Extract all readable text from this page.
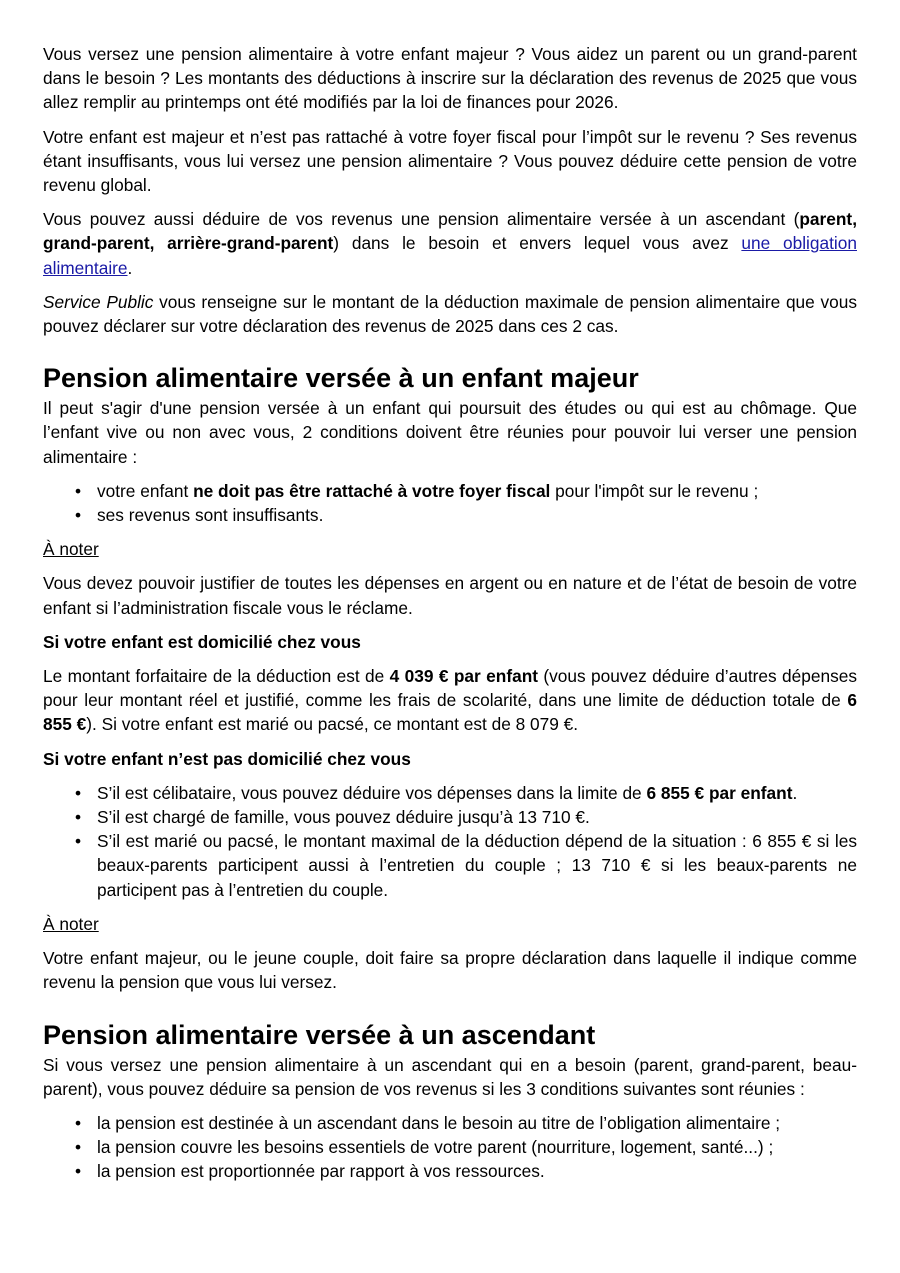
Vous versez une pension alimentaire à votre enfant majeur ? Vous aidez un parent ou un grand-parent dans le besoin ? Les montants des déductions à inscrire sur la déclaration des revenus de 2025 que vous allez remplir au printemps ont été modifiés par la loi de finances pour 2026.

Votre enfant est majeur et n’est pas rattaché à votre foyer fiscal pour l’impôt sur le revenu ? Ses revenus étant insuffisants, vous lui versez une pension alimentaire ? Vous pouvez déduire cette pension de votre revenu global.

Vous pouvez aussi déduire de vos revenus une pension alimentaire versée à un ascendant (parent, grand-parent, arrière-grand-parent) dans le besoin et envers lequel vous avez une obligation alimentaire.

Service Public vous renseigne sur le montant de la déduction maximale de pension alimentaire que vous pouvez déclarer sur votre déclaration des revenus de 2025 dans ces 2 cas.

Pension alimentaire versée à un enfant majeur

Il peut s'agir d'une pension versée à un enfant qui poursuit des études ou qui est au chômage. Que l’enfant vive ou non avec vous, 2 conditions doivent être réunies pour pouvoir lui verser une pension alimentaire :

• votre enfant ne doit pas être rattaché à votre foyer fiscal pour l'impôt sur le revenu ;
• ses revenus sont insuffisants.

À noter

Vous devez pouvoir justifier de toutes les dépenses en argent ou en nature et de l’état de besoin de votre enfant si l’administration fiscale vous le réclame.

Si votre enfant est domicilié chez vous

Le montant forfaitaire de la déduction est de 4 039 € par enfant (vous pouvez déduire d’autres dépenses pour leur montant réel et justifié, comme les frais de scolarité, dans une limite de déduction totale de 6 855 €). Si votre enfant est marié ou pacsé, ce montant est de 8 079 €.

Si votre enfant n’est pas domicilié chez vous

• S’il est célibataire, vous pouvez déduire vos dépenses dans la limite de 6 855 € par enfant.
• S’il est chargé de famille, vous pouvez déduire jusqu’à 13 710 €.
• S’il est marié ou pacsé, le montant maximal de la déduction dépend de la situation : 6 855 € si les beaux-parents participent aussi à l’entretien du couple ; 13 710 € si les beaux-parents ne participent pas à l’entretien du couple.

À noter

Votre enfant majeur, ou le jeune couple, doit faire sa propre déclaration dans laquelle il indique comme revenu la pension que vous lui versez.

Pension alimentaire versée à un ascendant

Si vous versez une pension alimentaire à un ascendant qui en a besoin (parent, grand-parent, beau-parent), vous pouvez déduire sa pension de vos revenus si les 3 conditions suivantes sont réunies :

• la pension est destinée à un ascendant dans le besoin au titre de l’obligation alimentaire ;
• la pension couvre les besoins essentiels de votre parent (nourriture, logement, santé...) ;
• la pension est proportionnée par rapport à vos ressources.
